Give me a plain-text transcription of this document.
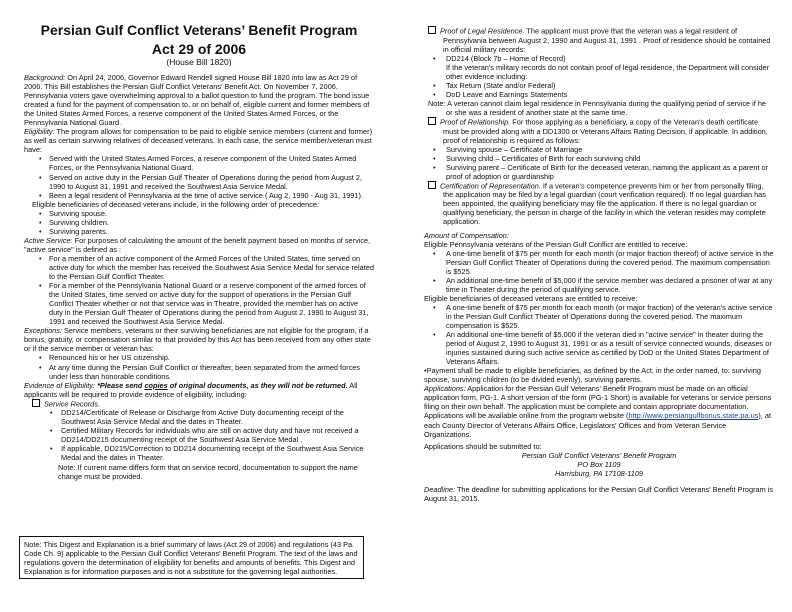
Persian Gulf Conflict Veterans’ Benefit Program
Act 29 of 2006
(House Bill 1820)

Background: On April 24, 2006, Governor Edward Rendell signed House Bill 1820 into law as Act 29 of 2006. This Bill establishes the Persian Gulf Conflict Veterans’ Benefit Act. On November 7, 2006, Pennsylvania voters gave overwhelming approval to a ballot question to fund the program. The bond issue created a fund for the payment of compensation to, or on behalf of, eligible current and former members of the United States Armed Forces, a reserve component of the United States Armed Forces, or the Pennsylvania National Guard.

Eligibility: The program allows for compensation to be paid to eligible service members (current and former) as well as certain surviving relatives of deceased veterans. In each case, the service member/veteran must have:

• Served with the United States Armed Forces, a reserve component of the United States Armed Forces, or the Pennsylvania National Guard.
• Served on active duty in the Persian Gulf Theater of Operations during the period from August 2, 1990 to August 31, 1991 and received the Southwest Asia Service Medal.
• Been a legal resident of Pennsylvania at the time of active service ( Aug 2, 1990 - Aug 31, 1991).

Eligible beneficiaries of deceased veterans include, in the following order of precedence:

• Surviving spouse.
• Surviving children.
• Surviving parents.

Active Service: For purposes of calculating the amount of the benefit payment based on months of service, "active service" is defined as :

• For a member of an active component of the Armed Forces of the United States, time served on active duty for which the member has received the Southwest Asia Service Medal for service related to the Persian Gulf Conflict Theater.
• For a member of the Pennsylvania National Guard or a reserve component of the armed forces of the United States, time served on active duty for the support of operations in the Persian Gulf Conflict Theater whether or not that service was in Theatre, provided the member has on active duty in the Persian Gulf Theater of Operations during the period from August 2, 1990 to August 31, 1991 and received the Southwest Asia Service Medal.

Exceptions: Service members, veterans or their surviving beneficiaries are not eligible for the program, if a bonus, gratuity, or compensation similar to that provided by this Act has been received from any other state or if the service member or veteran has:

• Renounced his or her US citizenship.
• At any time during the Persian Gulf Conflict or thereafter, been separated from the armed forces under less than honorable conditions.

Evidence of Eligibility: *Please send copies of original documents, as they will not be returned. All applicants will be required to provide evidence of eligibility, including:

Service Records.

• DD214/Certificate of Release or Discharge from Active Duty documenting receipt of the Southwest Asia Service Medal and the dates in Theater.
• Certified Military Records for individuals who are still on active duty and have not received a DD214/DD215 documenting receipt of the Southwest Asia Service Medal .
• If applicable, DD215/Correction to DD214 documenting receipt of the Southwest Asia Service Medal and the dates in Theater.

Note: If current name differs form that on service record, documentation to support the name change must be provided.

Note: This Digest and Explanation is a brief summary of laws (Act 29 of 2006) and regulations (43 Pa. Code Ch. 9) applicable to the Persian Gulf Conflict Veterans' Benefit Program. The text of the laws and regulations govern the determination of eligibility for benefits and amounts of benefits. This Digest and Explanation is for information purposes and is not a substitute for the governing legal authorities.

Proof of Legal Residence. The applicant must prove that the veteran was a legal resident of Pennsylvania between August 2, 1990 and August 31, 1991 . Proof of residence should be contained in official military records:

• DD214 (Block 7b – Home of Record)

If the veteran's military records do not contain proof of legal residence, the Department will consider other evidence including:

• Tax Return (State and/or Federal)
• DoD Leave and Earnings Statements

Note: A veteran cannot claim legal residence in Pennsylvania during the qualifying period of service if he or she was a resident of another state at the same time.

Proof of Relationship. For those applying as a beneficiary, a copy of the Veteran's death certificate must be provided along with a DD1300 or Veterans Affairs Rating Decision, if applicable. In addition, proof of relationship is required as follows:

• Surviving spouse – Certificate of Marriage
• Surviving child – Certificates of Birth for each surviving child
• Surviving parent – Certificate of Birth for the deceased veteran, naming the applicant as a parent or proof of adoption or guardianship

Certification of Representation. If a veteran's competence prevents him or her from personally filing, the application may be filed by a legal guardian (court verification required). If no legal guardian has been appointed, the qualifying beneficiary may file the application. If there is no legal guardian or qualifying beneficiary, the person in charge of the facility in which the veteran resides may complete application.

Amount of Compensation:

Eligible Pennsylvania veterans of the Persian Gulf Conflict are entitled to receive:

• A one-time benefit of $75 per month for each month (or major fraction thereof) of active service in the Persian Gulf Conflict Theater of Operations during the covered period. The maximum compensation is $525.
• An additional one-time benefit of $5,000 if the service member was declared a prisoner of war at any time in Theater during the period of qualifying service.

Eligible beneficiaries of deceased veterans are entitled to receive:

• A one-time benefit of $75 per month for each month (or major fraction) of the veteran's active service in the Persian Gulf Conflict Theater of Operations during the covered period. The maximum compensation is $525.
• An additional one-time benefit of $5,000 if the veteran died in "active service" in theater during the period of August 2, 1990 to August 31, 1991 or as a result of service connected wounds, diseases or injuries sustained during such active service as certified by DoD or the United States Department of Veterans Affairs.

•Payment shall be made to eligible beneficiaries, as defined by the Act, in the order named, to: surviving spouse, surviving children (to be divided evenly), surviving parents.

Applications: Application for the Persian Gulf Veterans' Benefit Program must be made on an official application form, PG-1. A short version of the form (PG-1 Short) is available for veterans or service persons filing on their own behalf. The application must be complete and contain appropriate documentation. Applications will be available online from the program website (http://www.persiangulfbonus.state.pa.us), at each County Director of Veterans Affairs Office, Legislators' Offices and from Veteran Service Organizations.

Applications should be submitted to:

Persian Gulf Conflict Veterans' Benefit Program

PO Box 1109

Harrisburg, PA 17108-1109

Deadline: The deadline for submitting applications for the Persian Gulf Conflict Veterans' Benefit Program is August 31, 2015.
